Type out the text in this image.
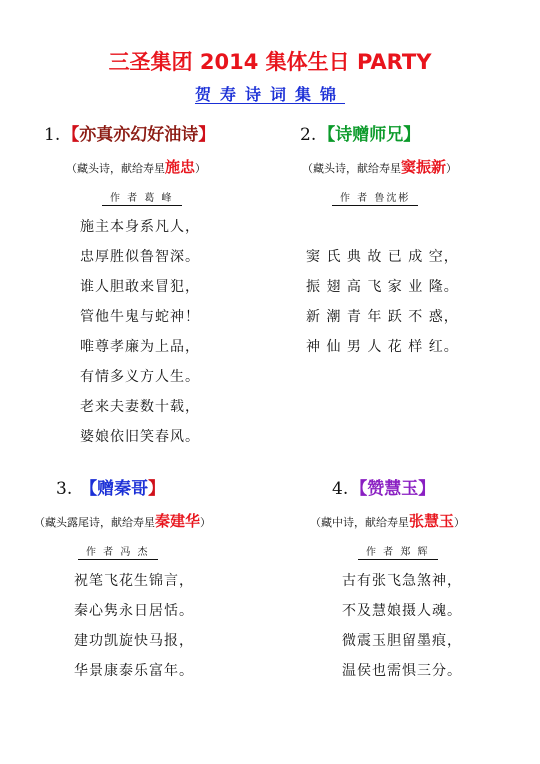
三圣集团 2014 集体生日 PARTY
贺寿诗词集锦
1. 【亦真亦幻好油诗】
（藏头诗，献给寿星施忠）
作 者 葛 峰
施主本身系凡人，
忠厚胜似鲁智深。
谁人胆敢来冒犯，
管他牛鬼与蛇神！
唯尊孝廉为上品，
有情多义方人生。
老来夫妻数十载，
婆娘依旧笑春风。
2. 【诗赠师兄】
（藏头诗，献给寿星窦振新）
作 者 鲁沈彬
窦 氏 典 故 已 成 空，
振 翅 高 飞 家 业 隆。
新 潮 青 年 跃 不 惑，
神 仙 男 人 花 样 红。
3. 【赠秦哥】
（藏头露尾诗，献给寿星秦建华）
作 者 冯 杰
祝笔飞花生锦言，
秦心隽永日居恬。
建功凯旋快马报，
华景康泰乐富年。
4. 【赞慧玉】
（藏中诗，献给寿星张慧玉）
作 者 郑 辉
古有张飞急煞神，
不及慧娘摄人魂。
微震玉胆留墨痕，
温侯也需惧三分。
